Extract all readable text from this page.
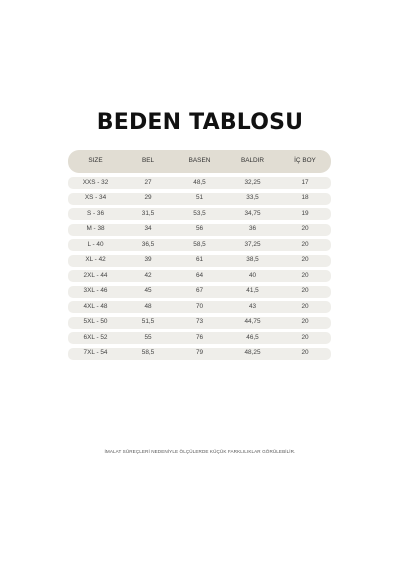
BEDEN TABLOSU
SIZE	BEL	BASEN	BALDIR	İÇ BOY
XXS - 32	27	48,5	32,25	17
XS - 34	29	51	33,5	18
S - 36	31,5	53,5	34,75	19
M - 38	34	56	36	20
L - 40	36,5	58,5	37,25	20
XL - 42	39	61	38,5	20
2XL - 44	42	64	40	20
3XL - 46	45	67	41,5	20
4XL - 48	48	70	43	20
5XL - 50	51,5	73	44,75	20
6XL - 52	55	76	46,5	20
7XL - 54	58,5	79	48,25	20
İMALAT SÜREÇLERİ NEDENİYLE ÖLÇÜLERDE KÜÇÜK FARKLILIKLAR GÖRÜLEBİLİR.
